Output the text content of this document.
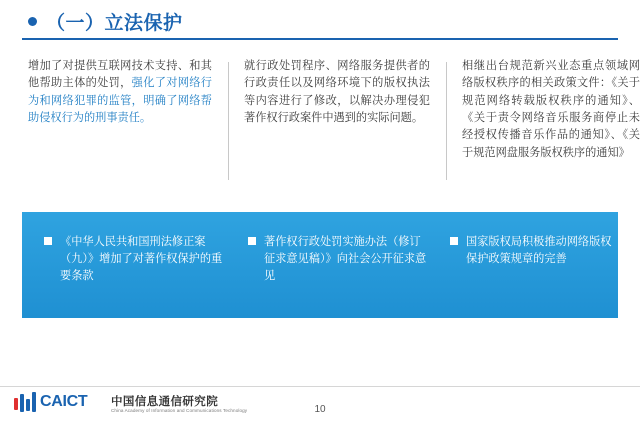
（一）立法保护
增加了对提供互联网技术支持、和其他帮助主体的处罚，强化了对网络行为和网络犯罪的监管，明确了网络帮助侵权行为的刑事责任。
就行政处罚程序、网络服务提供者的行政责任以及网络环境下的版权执法等内容进行了修改，以解决办理侵犯著作权行政案件中遇到的实际问题。
相继出台规范新兴业态重点领域网络版权秩序的相关政策文件：《关于规范网络转载版权秩序的通知》、《关于责令网络音乐服务商停止未经授权传播音乐作品的通知》、《关于规范网盘服务版权秩序的通知》
《中华人民共和国刑法修正案（九）》增加了对著作权保护的重要条款
著作权行政处罚实施办法（修订征求意见稿）》向社会公开征求意见
国家版权局积极推动网络版权保护政策规章的完善
CAICT 中国信息通信研究院
China Academy of Information and Communications Technology	10
